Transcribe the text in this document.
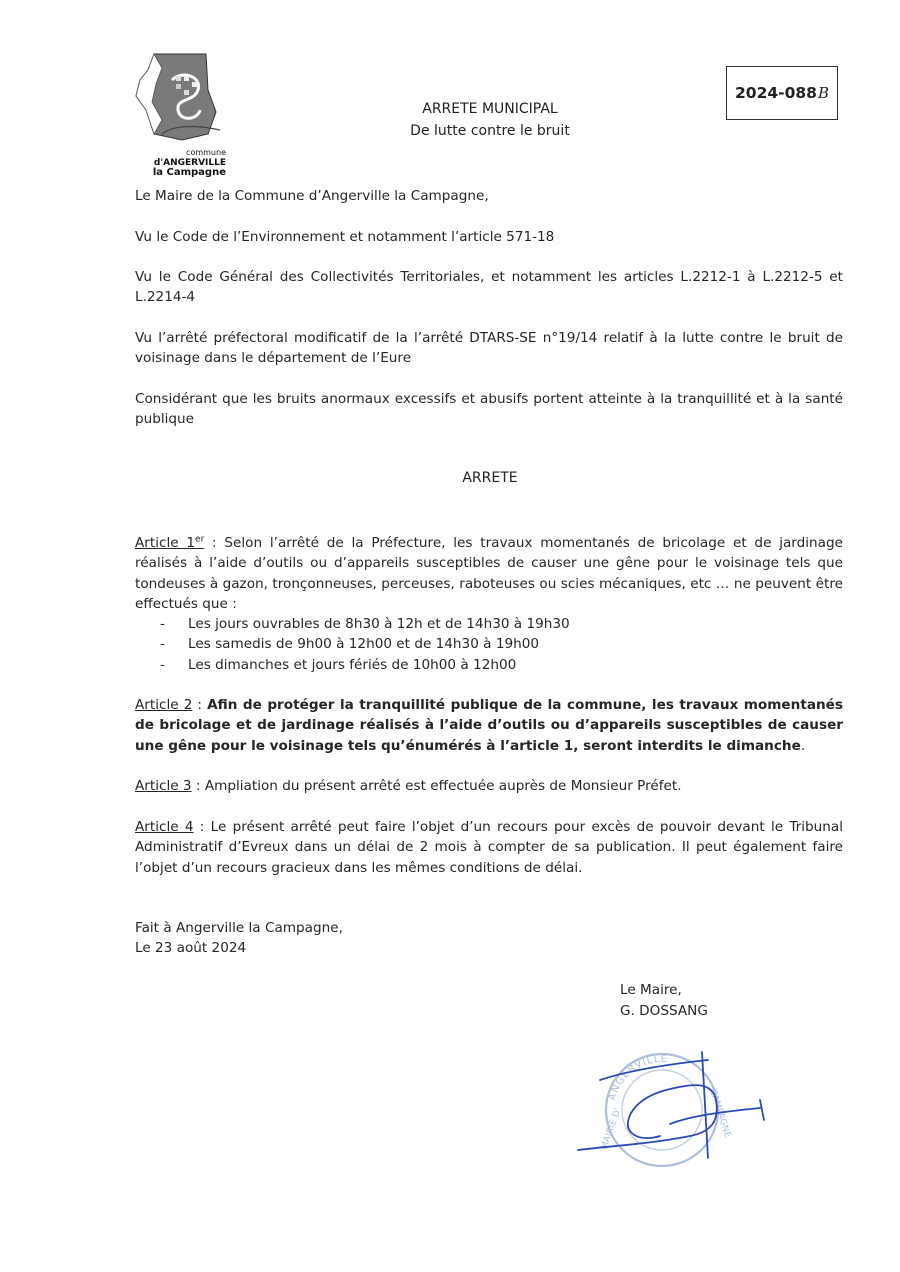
commune
d'ANGERVILLE
la Campagne
2024-088 B
ARRETE MUNICIPAL
De lutte contre le bruit
Le Maire de la Commune d’Angerville la Campagne,
Vu le Code de l’Environnement et notamment l’article 571-18
Vu le Code Général des Collectivités Territoriales, et notamment les articles L.2212-1 à L.2212-5 et L.2214-4
Vu l’arrêté préfectoral modificatif de la l’arrêté DTARS-SE n°19/14 relatif à la lutte contre le bruit de voisinage dans le département de l’Eure
Considérant que les bruits anormaux excessifs et abusifs portent atteinte à la tranquillité et à la santé publique
ARRETE
Article 1er : Selon l’arrêté de la Préfecture, les travaux momentanés de bricolage et de jardinage réalisés à l’aide d’outils ou d’appareils susceptibles de causer une gêne pour le voisinage tels que tondeuses à gazon, tronçonneuses, perceuses, raboteuses ou scies mécaniques, etc … ne peuvent être effectués que :
- Les jours ouvrables de 8h30 à 12h et de 14h30 à 19h30
- Les samedis de 9h00 à 12h00 et de 14h30 à 19h00
- Les dimanches et jours fériés de 10h00 à 12h00
Article 2 : Afin de protéger la tranquillité publique de la commune, les travaux momentanés de bricolage et de jardinage réalisés à l’aide d’outils ou d’appareils susceptibles de causer une gêne pour le voisinage tels qu’énumérés à l’article 1, seront interdits le dimanche.
Article 3 : Ampliation du présent arrêté est effectuée auprès de Monsieur Préfet.
Article 4 : Le présent arrêté peut faire l’objet d’un recours pour excès de pouvoir devant le Tribunal Administratif d’Evreux dans un délai de 2 mois à compter de sa publication. Il peut également faire l’objet d’un recours gracieux dans les mêmes conditions de délai.
Fait à Angerville la Campagne,
Le 23 août 2024
Le Maire,
G. DOSSANG
ANGERVILLE
MAIRIE D'	CAMPAGNE
